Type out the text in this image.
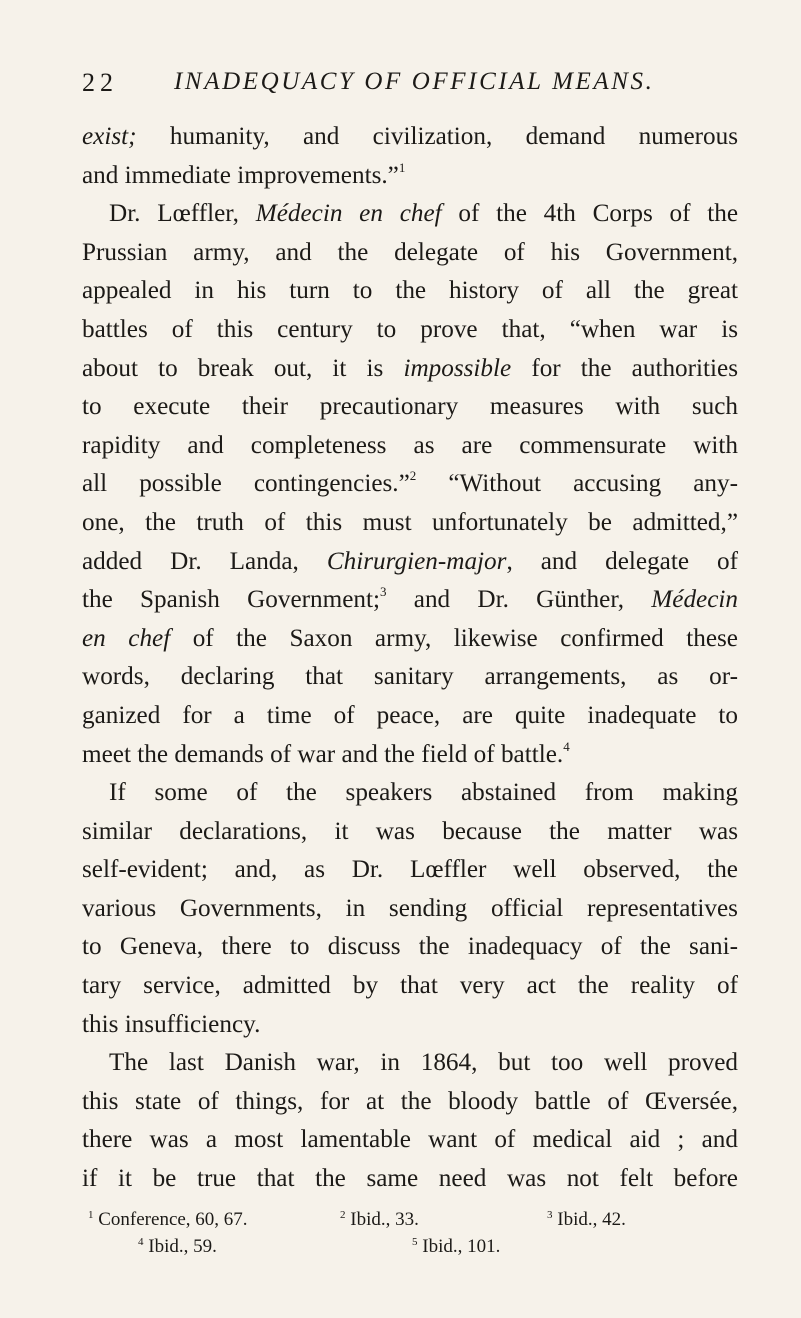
22 INADEQUACY OF OFFICIAL MEANS.
exist; humanity, and civilization, demand numerous
and immediate improvements.”$^1$
Dr. Lœffler, Médecin en chef of the 4th Corps of the
Prussian army, and the delegate of his Government,
appealed in his turn to the history of all the great
battles of this century to prove that, “when war is
about to break out, it is impossible for the authorities
to execute their precautionary measures with such
rapidity and completeness as are commensurate with
all possible contingencies.”$^2$ “Without accusing any-
one, the truth of this must unfortunately be admitted,”
added Dr. Landa, Chirurgien-major, and delegate of
the Spanish Government;$^3$ and Dr. Günther, Médecin
en chef of the Saxon army, likewise confirmed these
words, declaring that sanitary arrangements, as or-
ganized for a time of peace, are quite inadequate to
meet the demands of war and the field of battle.$^4$
If some of the speakers abstained from making
similar declarations, it was because the matter was
self-evident; and, as Dr. Lœffler well observed, the
various Governments, in sending official representatives
to Geneva, there to discuss the inadequacy of the sani-
tary service, admitted by that very act the reality of
this insufficiency.
The last Danish war, in 1864, but too well proved
this state of things, for at the bloody battle of Œversée,
there was a most lamentable want of medical aid ; and
if it be true that the same need was not felt before
$^1$ Conference, 60, 67.	$^2$ Ibid., 33.	$^3$ Ibid., 42.
$^4$ Ibid., 59.	$^5$ Ibid., 101.
